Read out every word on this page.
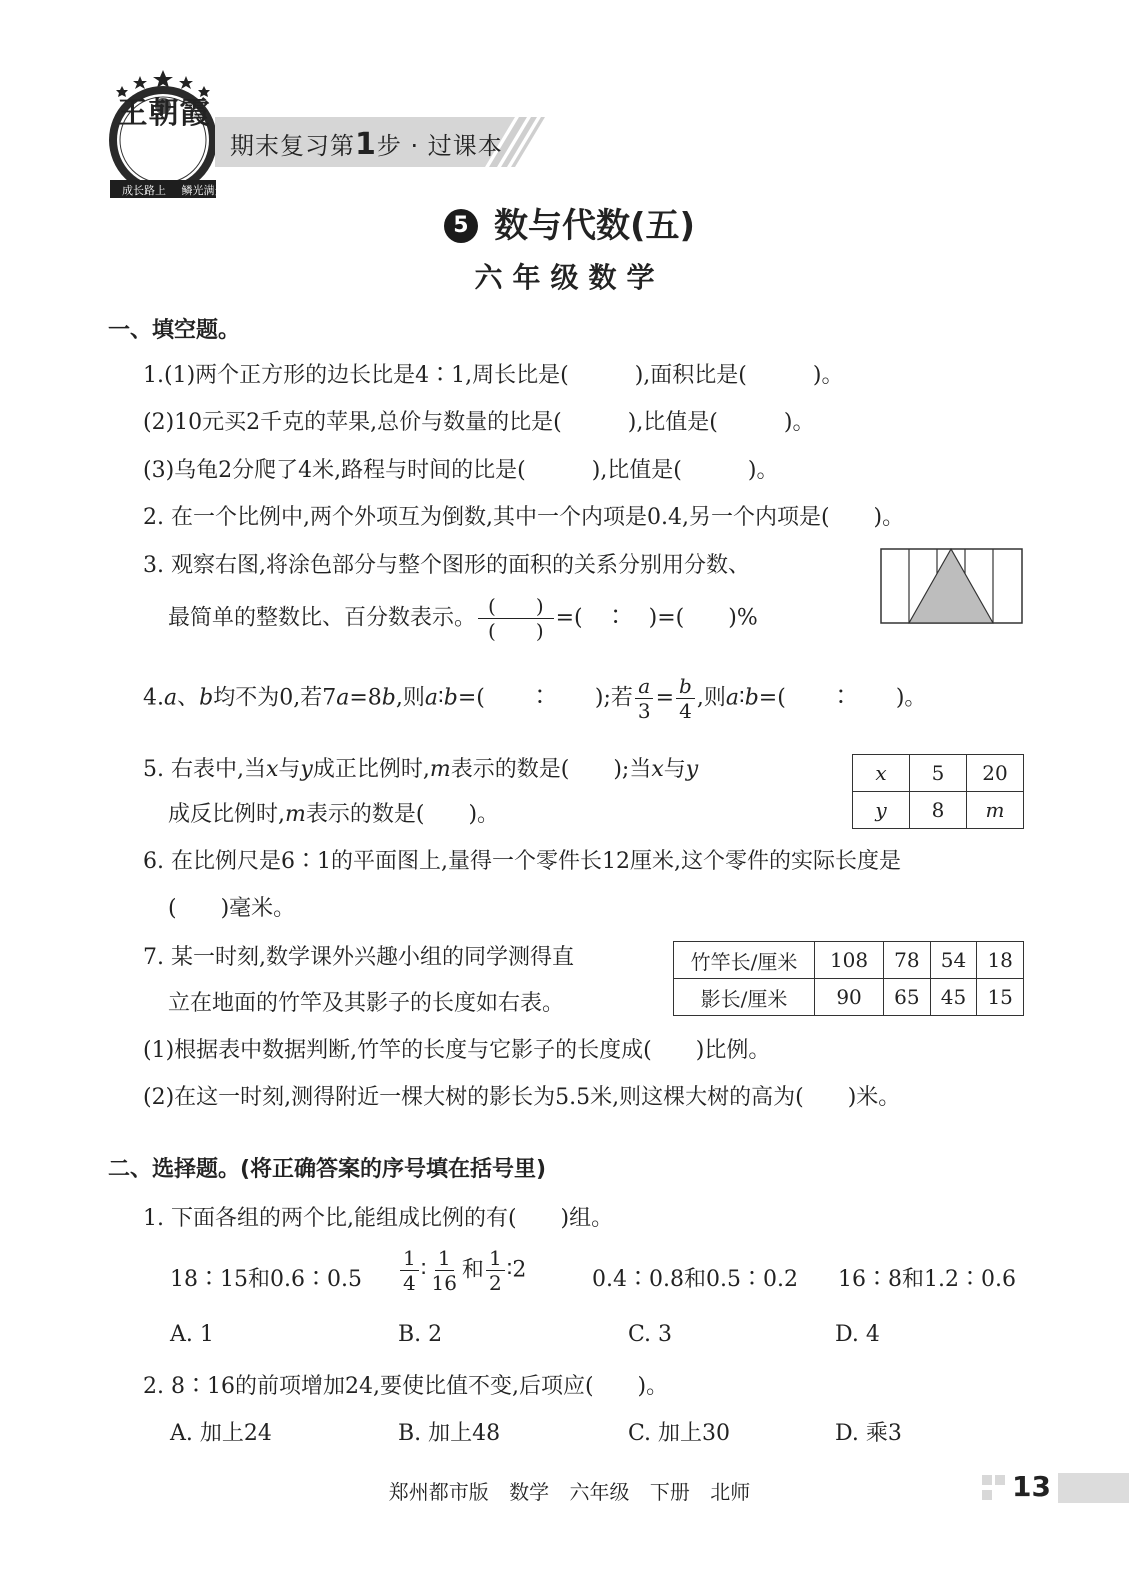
王朝霞
成长路上 鳞光满天
期末复习第1步 · 过课本
5 数与代数(五)
六年级数学
一、填空题。
1.(1)两个正方形的边长比是4∶1,周长比是(　　　),面积比是(　　　)。
(2)10元买2千克的苹果,总价与数量的比是(　　　),比值是(　　　)。
(3)乌龟2分爬了4米,路程与时间的比是(　　　),比值是(　　　)。
2. 在一个比例中,两个外项互为倒数,其中一个内项是0.4,另一个内项是(　　)。
3. 观察右图,将涂色部分与整个图形的面积的关系分别用分数、
最简单的整数比、百分数表示。 $\frac{( )}{( )}$ =(　∶　)=(　　)%
4.a、b均不为0,若7a=8b,则a∶b=(　　∶　　);若 $\frac{a}{3} = \frac{b}{4}$ ,则a∶b=(　　∶　　)。
5. 右表中,当x与y成正比例时,m表示的数是(　　);当x与y
成反比例时,m表示的数是(　　)。
x	5	20
y	8	m
6. 在比例尺是6∶1的平面图上,量得一个零件长12厘米,这个零件的实际长度是
(　　)毫米。
7. 某一时刻,数学课外兴趣小组的同学测得直
立在地面的竹竿及其影子的长度如右表。
竹竿长/厘米	108	78	54	18
影长/厘米	90	65	45	15
(1)根据表中数据判断,竹竿的长度与它影子的长度成(　　)比例。
(2)在这一时刻,测得附近一棵大树的影长为5.5米,则这棵大树的高为(　　)米。
二、选择题。(将正确答案的序号填在括号里)
1. 下面各组的两个比,能组成比例的有(　　)组。
18∶15和0.6∶0.5 $\frac{1}{4}$ ∶ $\frac{1}{16}$ 和 $\frac{1}{2}$ ∶2	0.4∶0.8和0.5∶0.2 16∶8和1.2∶0.6
A. 1	B. 2	C. 3	D. 4
2. 8∶16的前项增加24,要使比值不变,后项应(　　)。
A. 加上24	B. 加上48	C. 加上30	D. 乘3
郑州都市版 数学 六年级 下册 北师	13
